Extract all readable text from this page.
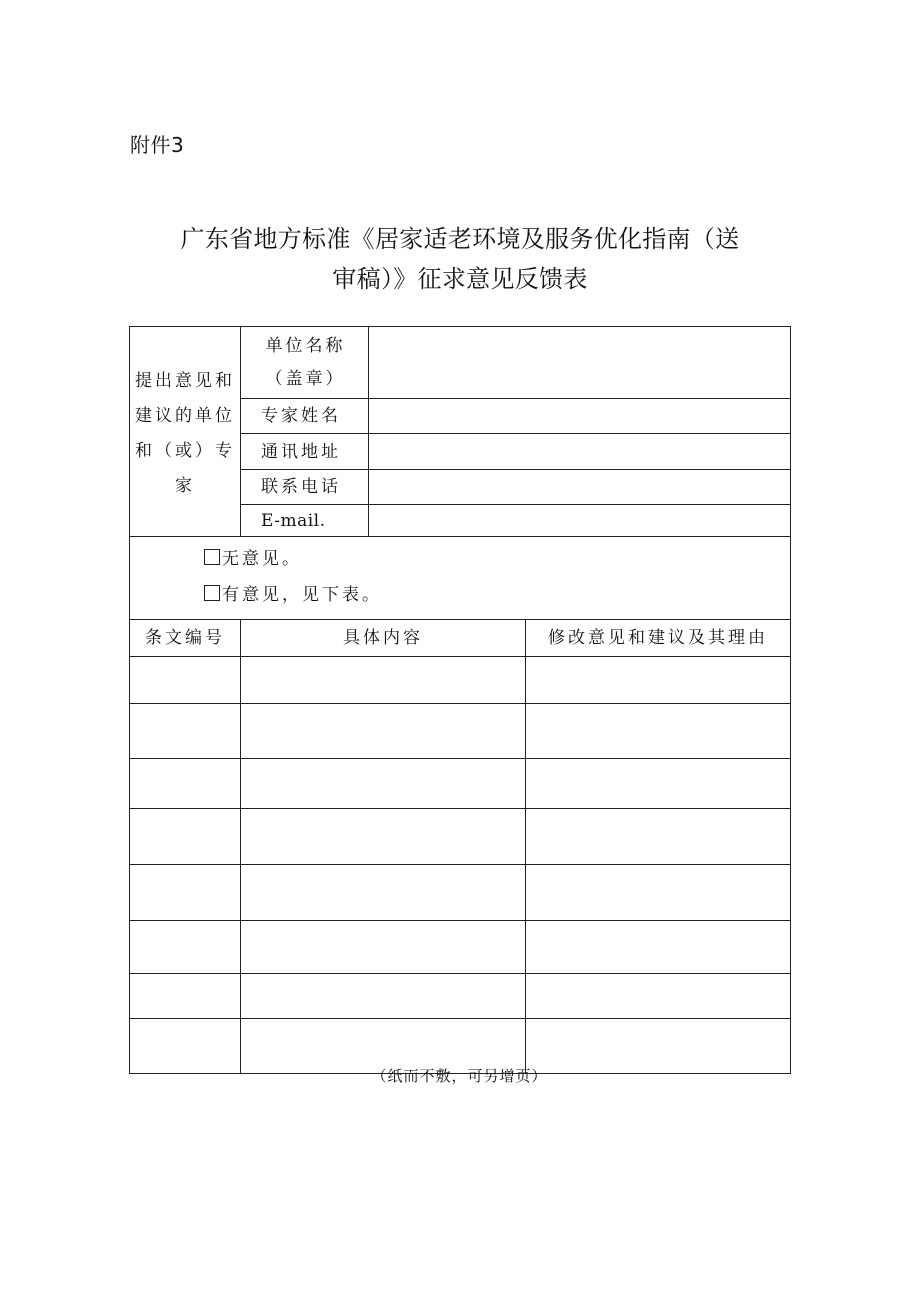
附件3
广东省地方标准《居家适老环境及服务优化指南（送
审稿）》征求意见反馈表
提出意见和建议的单位和（或）专家	单位名称（盖章）		
	专家姓名		
	通讯地址		
	联系电话		
	E-mail.		

无意见。
有意见，见下表。			

条文编号	具体内容		修改意见和建议及其理由

（纸而不敷，可另增页）
